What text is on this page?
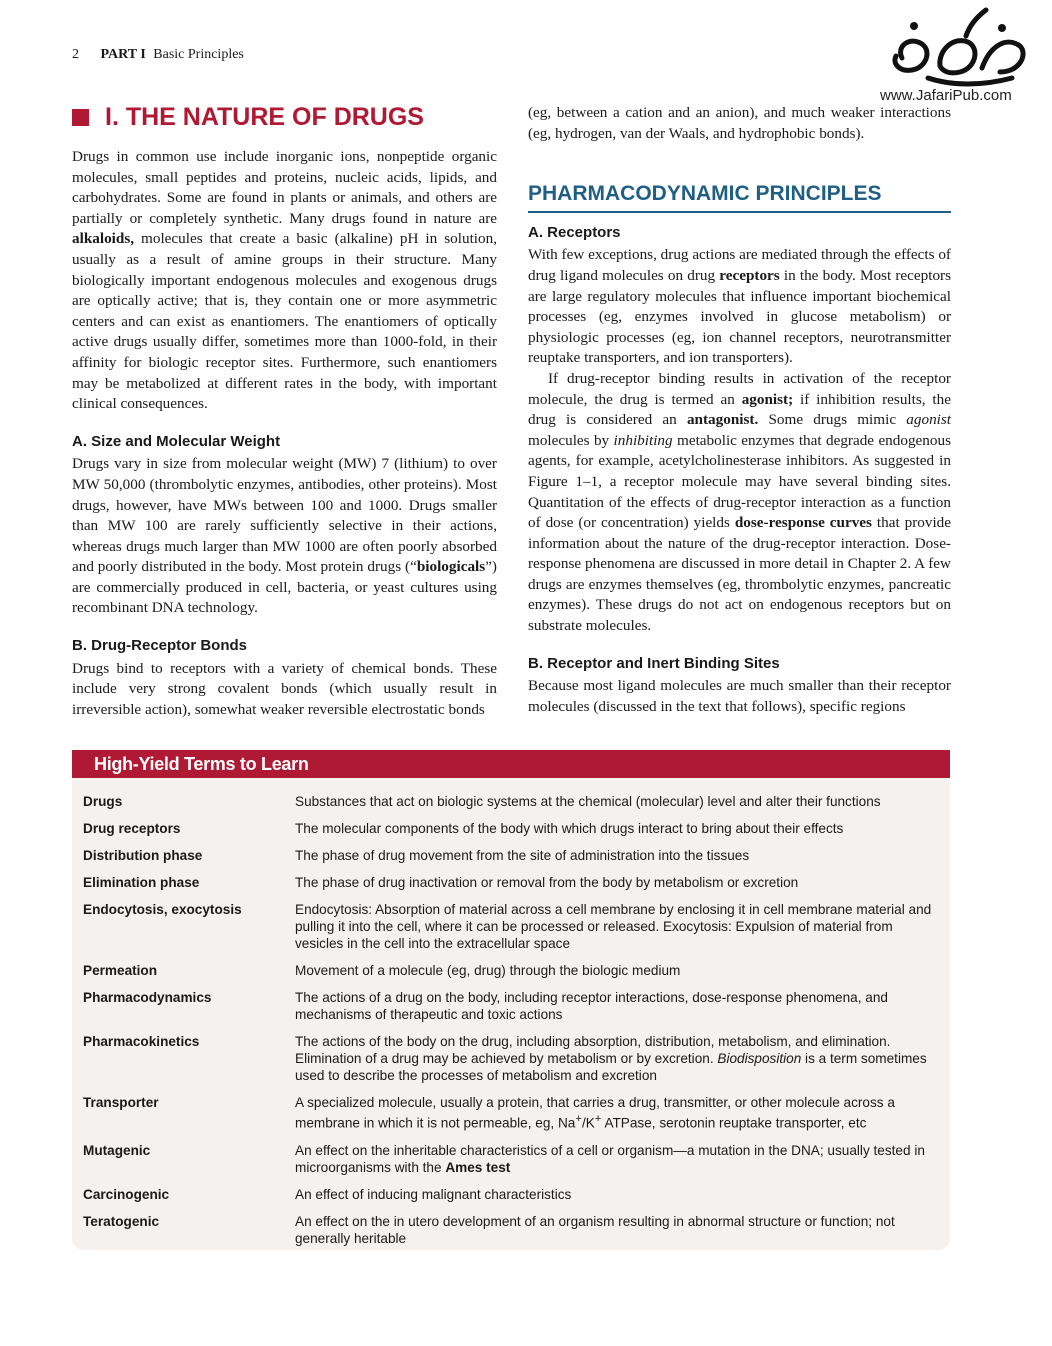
2 PART I Basic Principles
www.JafariPub.com
I. THE NATURE OF DRUGS

Drugs in common use include inorganic ions, nonpeptide organic molecules, small peptides and proteins, nucleic acids, lipids, and carbohydrates. Some are found in plants or animals, and others are partially or completely synthetic. Many drugs found in nature are alkaloids, molecules that create a basic (alkaline) pH in solution, usually as a result of amine groups in their structure. Many biologically important endogenous molecules and exogenous drugs are optically active; that is, they contain one or more asymmetric centers and can exist as enantiomers. The enantiomers of optically active drugs usually differ, sometimes more than 1000-fold, in their affinity for biologic receptor sites. Furthermore, such enantiomers may be metabolized at different rates in the body, with important clinical consequences.

A. Size and Molecular Weight

Drugs vary in size from molecular weight (MW) 7 (lithium) to over MW 50,000 (thrombolytic enzymes, antibodies, other proteins). Most drugs, however, have MWs between 100 and 1000. Drugs smaller than MW 100 are rarely sufficiently selective in their actions, whereas drugs much larger than MW 1000 are often poorly absorbed and poorly distributed in the body. Most protein drugs (“biologicals”) are commercially produced in cell, bacteria, or yeast cultures using recombinant DNA technology.

B. Drug-Receptor Bonds

Drugs bind to receptors with a variety of chemical bonds. These include very strong covalent bonds (which usually result in irreversible action), somewhat weaker reversible electrostatic bonds

(eg, between a cation and an anion), and much weaker interactions (eg, hydrogen, van der Waals, and hydrophobic bonds).

PHARMACODYNAMIC PRINCIPLES
A. Receptors

With few exceptions, drug actions are mediated through the effects of drug ligand molecules on drug receptors in the body. Most receptors are large regulatory molecules that influence important biochemical processes (eg, enzymes involved in glucose metabolism) or physiologic processes (eg, ion channel receptors, neurotransmitter reuptake transporters, and ion transporters).

If drug-receptor binding results in activation of the receptor molecule, the drug is termed an agonist; if inhibition results, the drug is considered an antagonist. Some drugs mimic agonist molecules by inhibiting metabolic enzymes that degrade endogenous agents, for example, acetylcholinesterase inhibitors. As suggested in Figure 1–1, a receptor molecule may have several binding sites. Quantitation of the effects of drug-receptor interaction as a function of dose (or concentration) yields dose-response curves that provide information about the nature of the drug-receptor interaction. Dose-response phenomena are discussed in more detail in Chapter 2. A few drugs are enzymes themselves (eg, thrombolytic enzymes, pancreatic enzymes). These drugs do not act on endogenous receptors but on substrate molecules.

B. Receptor and Inert Binding Sites

Because most ligand molecules are much smaller than their receptor molecules (discussed in the text that follows), specific regions

High-Yield Terms to Learn
Drugs	Substances that act on biologic systems at the chemical (molecular) level and alter their functions
Drug receptors	The molecular components of the body with which drugs interact to bring about their effects
Distribution phase	The phase of drug movement from the site of administration into the tissues
Elimination phase	The phase of drug inactivation or removal from the body by metabolism or excretion
Endocytosis, exocytosis	Endocytosis: Absorption of material across a cell membrane by enclosing it in cell membrane material and pulling it into the cell, where it can be processed or released. Exocytosis: Expulsion of material from vesicles in the cell into the extracellular space
Permeation	Movement of a molecule (eg, drug) through the biologic medium
Pharmacodynamics	The actions of a drug on the body, including receptor interactions, dose-response phenomena, and mechanisms of therapeutic and toxic actions
Pharmacokinetics	The actions of the body on the drug, including absorption, distribution, metabolism, and elimination. Elimination of a drug may be achieved by metabolism or by excretion. Biodisposition is a term sometimes used to describe the processes of metabolism and excretion
Transporter	A specialized molecule, usually a protein, that carries a drug, transmitter, or other molecule across a membrane in which it is not permeable, eg, Na+/K+ ATPase, serotonin reuptake transporter, etc
Mutagenic	An effect on the inheritable characteristics of a cell or organism—a mutation in the DNA; usually tested in microorganisms with the Ames test
Carcinogenic	An effect of inducing malignant characteristics
Teratogenic	An effect on the in utero development of an organism resulting in abnormal structure or function; not generally heritable
